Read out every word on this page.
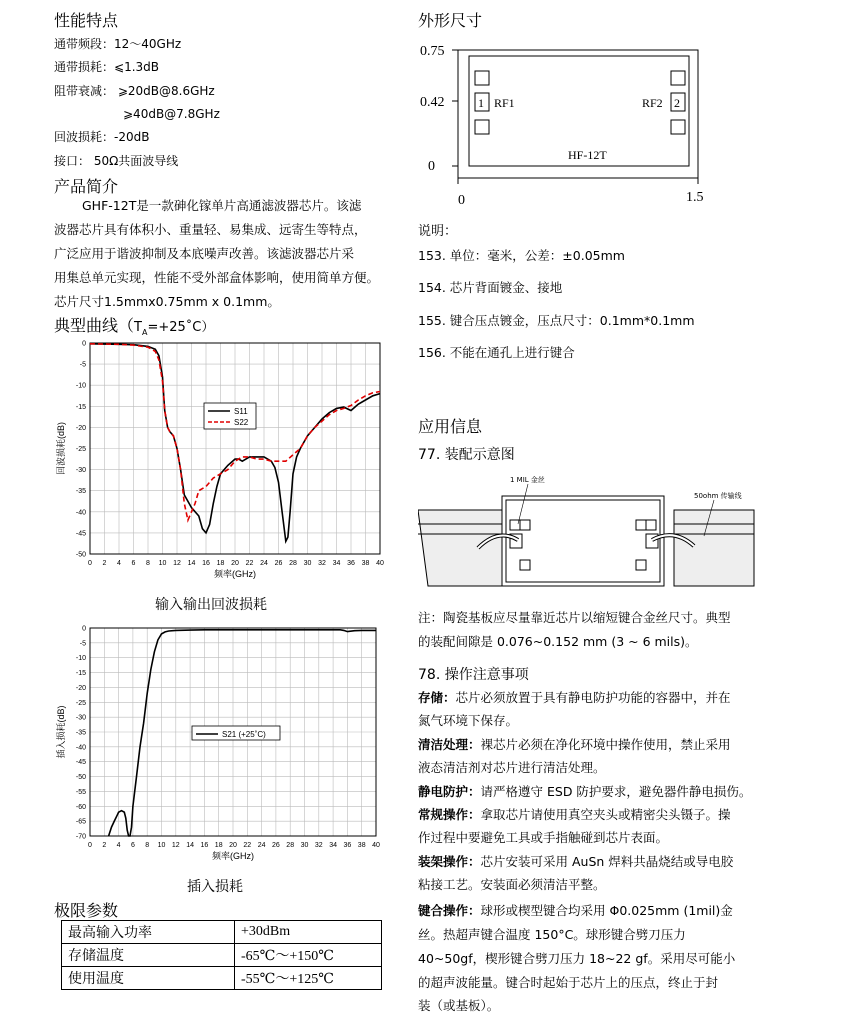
性能特点
通带频段：12～40GHz
通带损耗：⩽1.3dB
阻带衰减： ⩾20dB@8.6GHz
⩾40dB@7.8GHz
回波损耗：-20dB
接口： 50Ω共面波导线
产品简介
GHF-12T是一款砷化镓单片高通滤波器芯片。该滤
波器芯片具有体积小、重量轻、易集成、远寄生等特点，
广泛应用于谐波抑制及本底噪声改善。该滤波器芯片采
用集总单元实现，性能不受外部盒体影响，使用简单方便。
芯片尺寸1.5mmx0.75mm x 0.1mm。
典型曲线$(T_A=+25˚C)$
0 2 4 6 8 10 12 14 16 18 20 22 24 26 28 30 32 34 36 38 40
0
-5
-10
-15
-20
-25
-30
-35
-40
-45
-50
S11
S22
频率(GHz)
回波损耗(dB)
输入输出回波损耗
0 2 4 6 8 10 12 14 16 18 20 22 24 26 28 30 32 34 36 38 40
0
-5
-10
-15
-20
-25
-30
-35
-40
-45
-50
-55
-60
-65
-70
S21 (+25˚C)
频率(GHz)
插入损耗(dB)
插入损耗
极限参数
最高输入功率	+30dBm
存储温度	-65℃～+150℃
使用温度	-55℃～+125℃
外形尺寸
1	2
RF1	RF2
HF-12T
0.75
0.42
0
0	1.5
说明：
153. 单位：毫米，公差：±0.05mm
154. 芯片背面镀金、接地
155. 键合压点镀金，压点尺寸：0.1mm*0.1mm
156. 不能在通孔上进行键合
应用信息
77. 装配示意图
1 MIL 金丝
50ohm 传输线
注：陶瓷基板应尽量靠近芯片以缩短键合金丝尺寸。典型
的装配间隙是 0.076~0.152 mm (3 ~ 6 mils)。
78. 操作注意事项
存储：芯片必须放置于具有静电防护功能的容器中，并在
氮气环境下保存。
清洁处理：裸芯片必须在净化环境中操作使用，禁止采用
液态清洁剂对芯片进行清洁处理。
静电防护：请严格遵守 ESD 防护要求，避免器件静电损伤。
常规操作：拿取芯片请使用真空夹头或精密尖头镊子。操
作过程中要避免工具或手指触碰到芯片表面。
装架操作：芯片安装可采用 AuSn 焊料共晶烧结或导电胶
粘接工艺。安装面必须清洁平整。
键合操作：球形或楔型键合均采用 Φ0.025mm (1mil)金
丝。热超声键合温度 150°C。球形键合劈刀压力
40~50gf，楔形键合劈刀压力 18~22 gf。采用尽可能小
的超声波能量。键合时起始于芯片上的压点，终止于封
装（或基板）。
